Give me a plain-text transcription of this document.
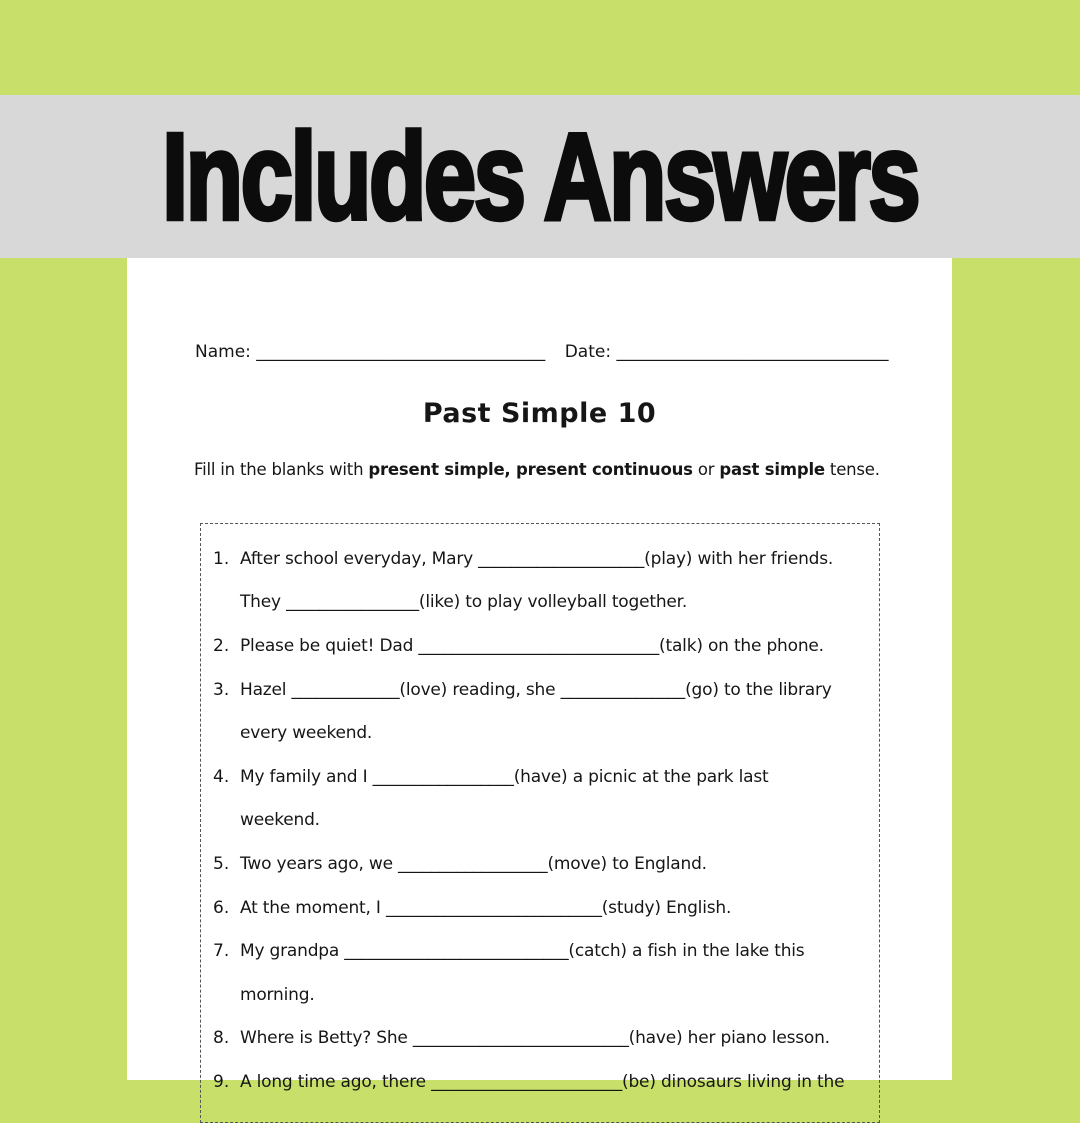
Includes Answers
Name: __________________________________ Date: ________________________________
Past Simple 10
Fill in the blanks with present simple, present continuous or past simple tense.
1. After school everyday, Mary ____________________(play) with her friends.
They ________________(like) to play volleyball together.
2. Please be quiet! Dad _____________________________(talk) on the phone.
3. Hazel _____________(love) reading, she _______________(go) to the library
every weekend.
4. My family and I _________________(have) a picnic at the park last
weekend.
5. Two years ago, we __________________(move) to England.
6. At the moment, I __________________________(study) English.
7. My grandpa ___________________________(catch) a fish in the lake this
morning.
8. Where is Betty? She __________________________(have) her piano lesson.
9. A long time ago, there _______________________(be) dinosaurs living in the
